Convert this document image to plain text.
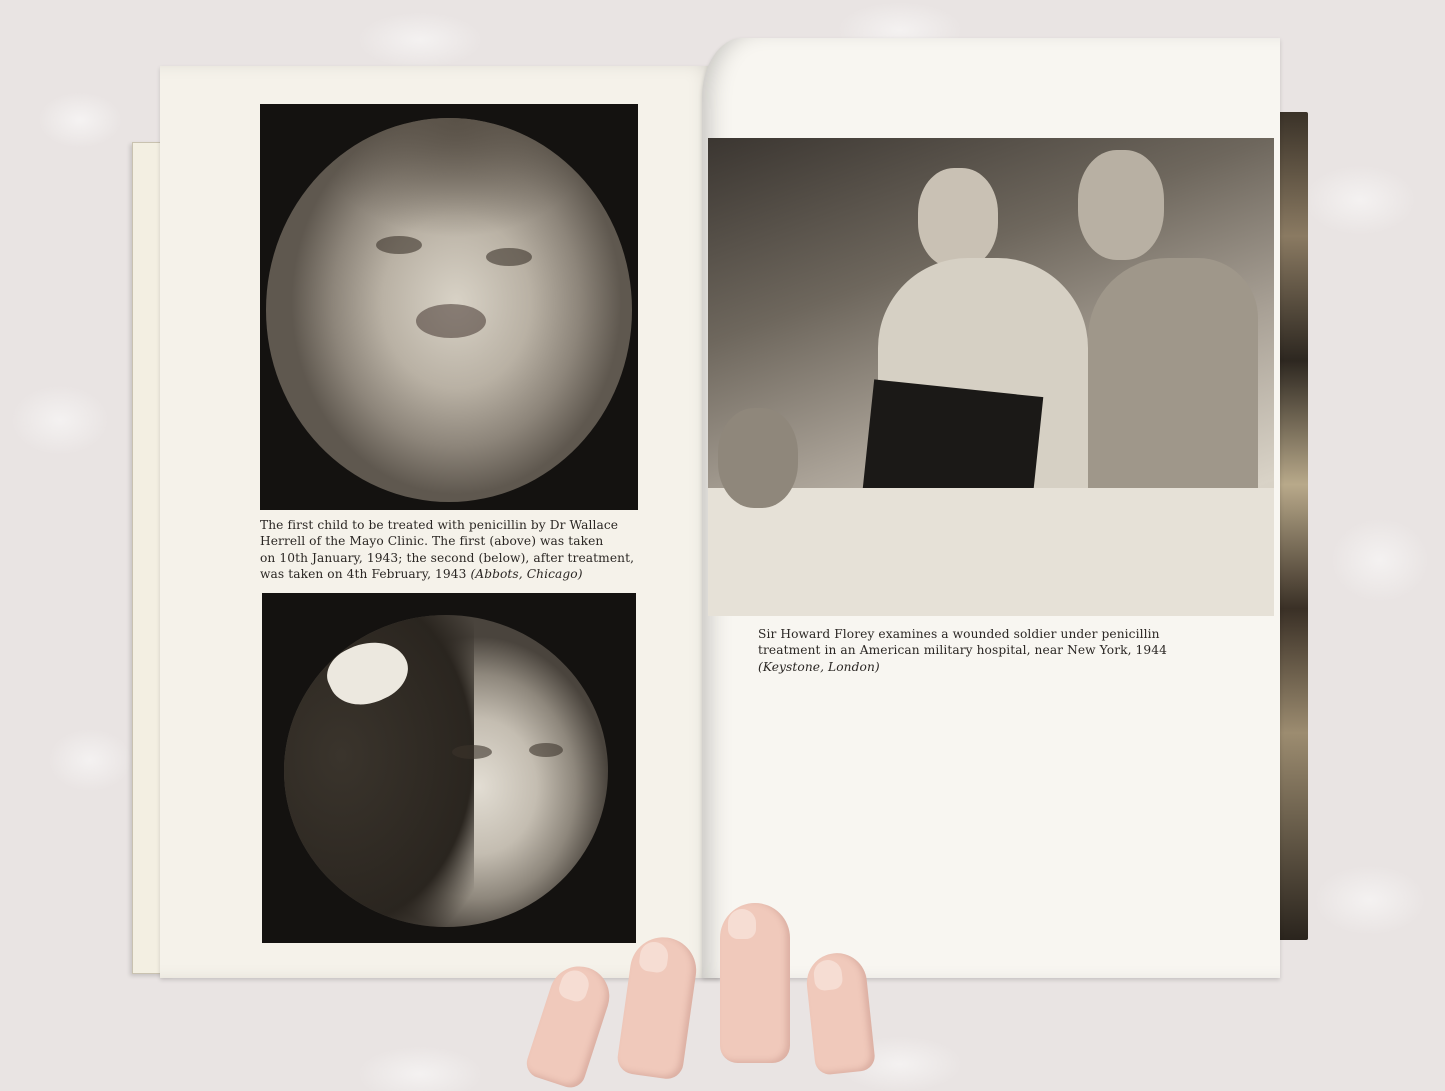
The first child to be treated with penicillin by Dr Wallace
Herrell of the Mayo Clinic. The first (above) was taken
on 10th January, 1943; the second (below), after treatment,
was taken on 4th February, 1943 (Abbots, Chicago)
Sir Howard Florey examines a wounded soldier under penicillin
treatment in an American military hospital, near New York, 1944
(Keystone, London)
